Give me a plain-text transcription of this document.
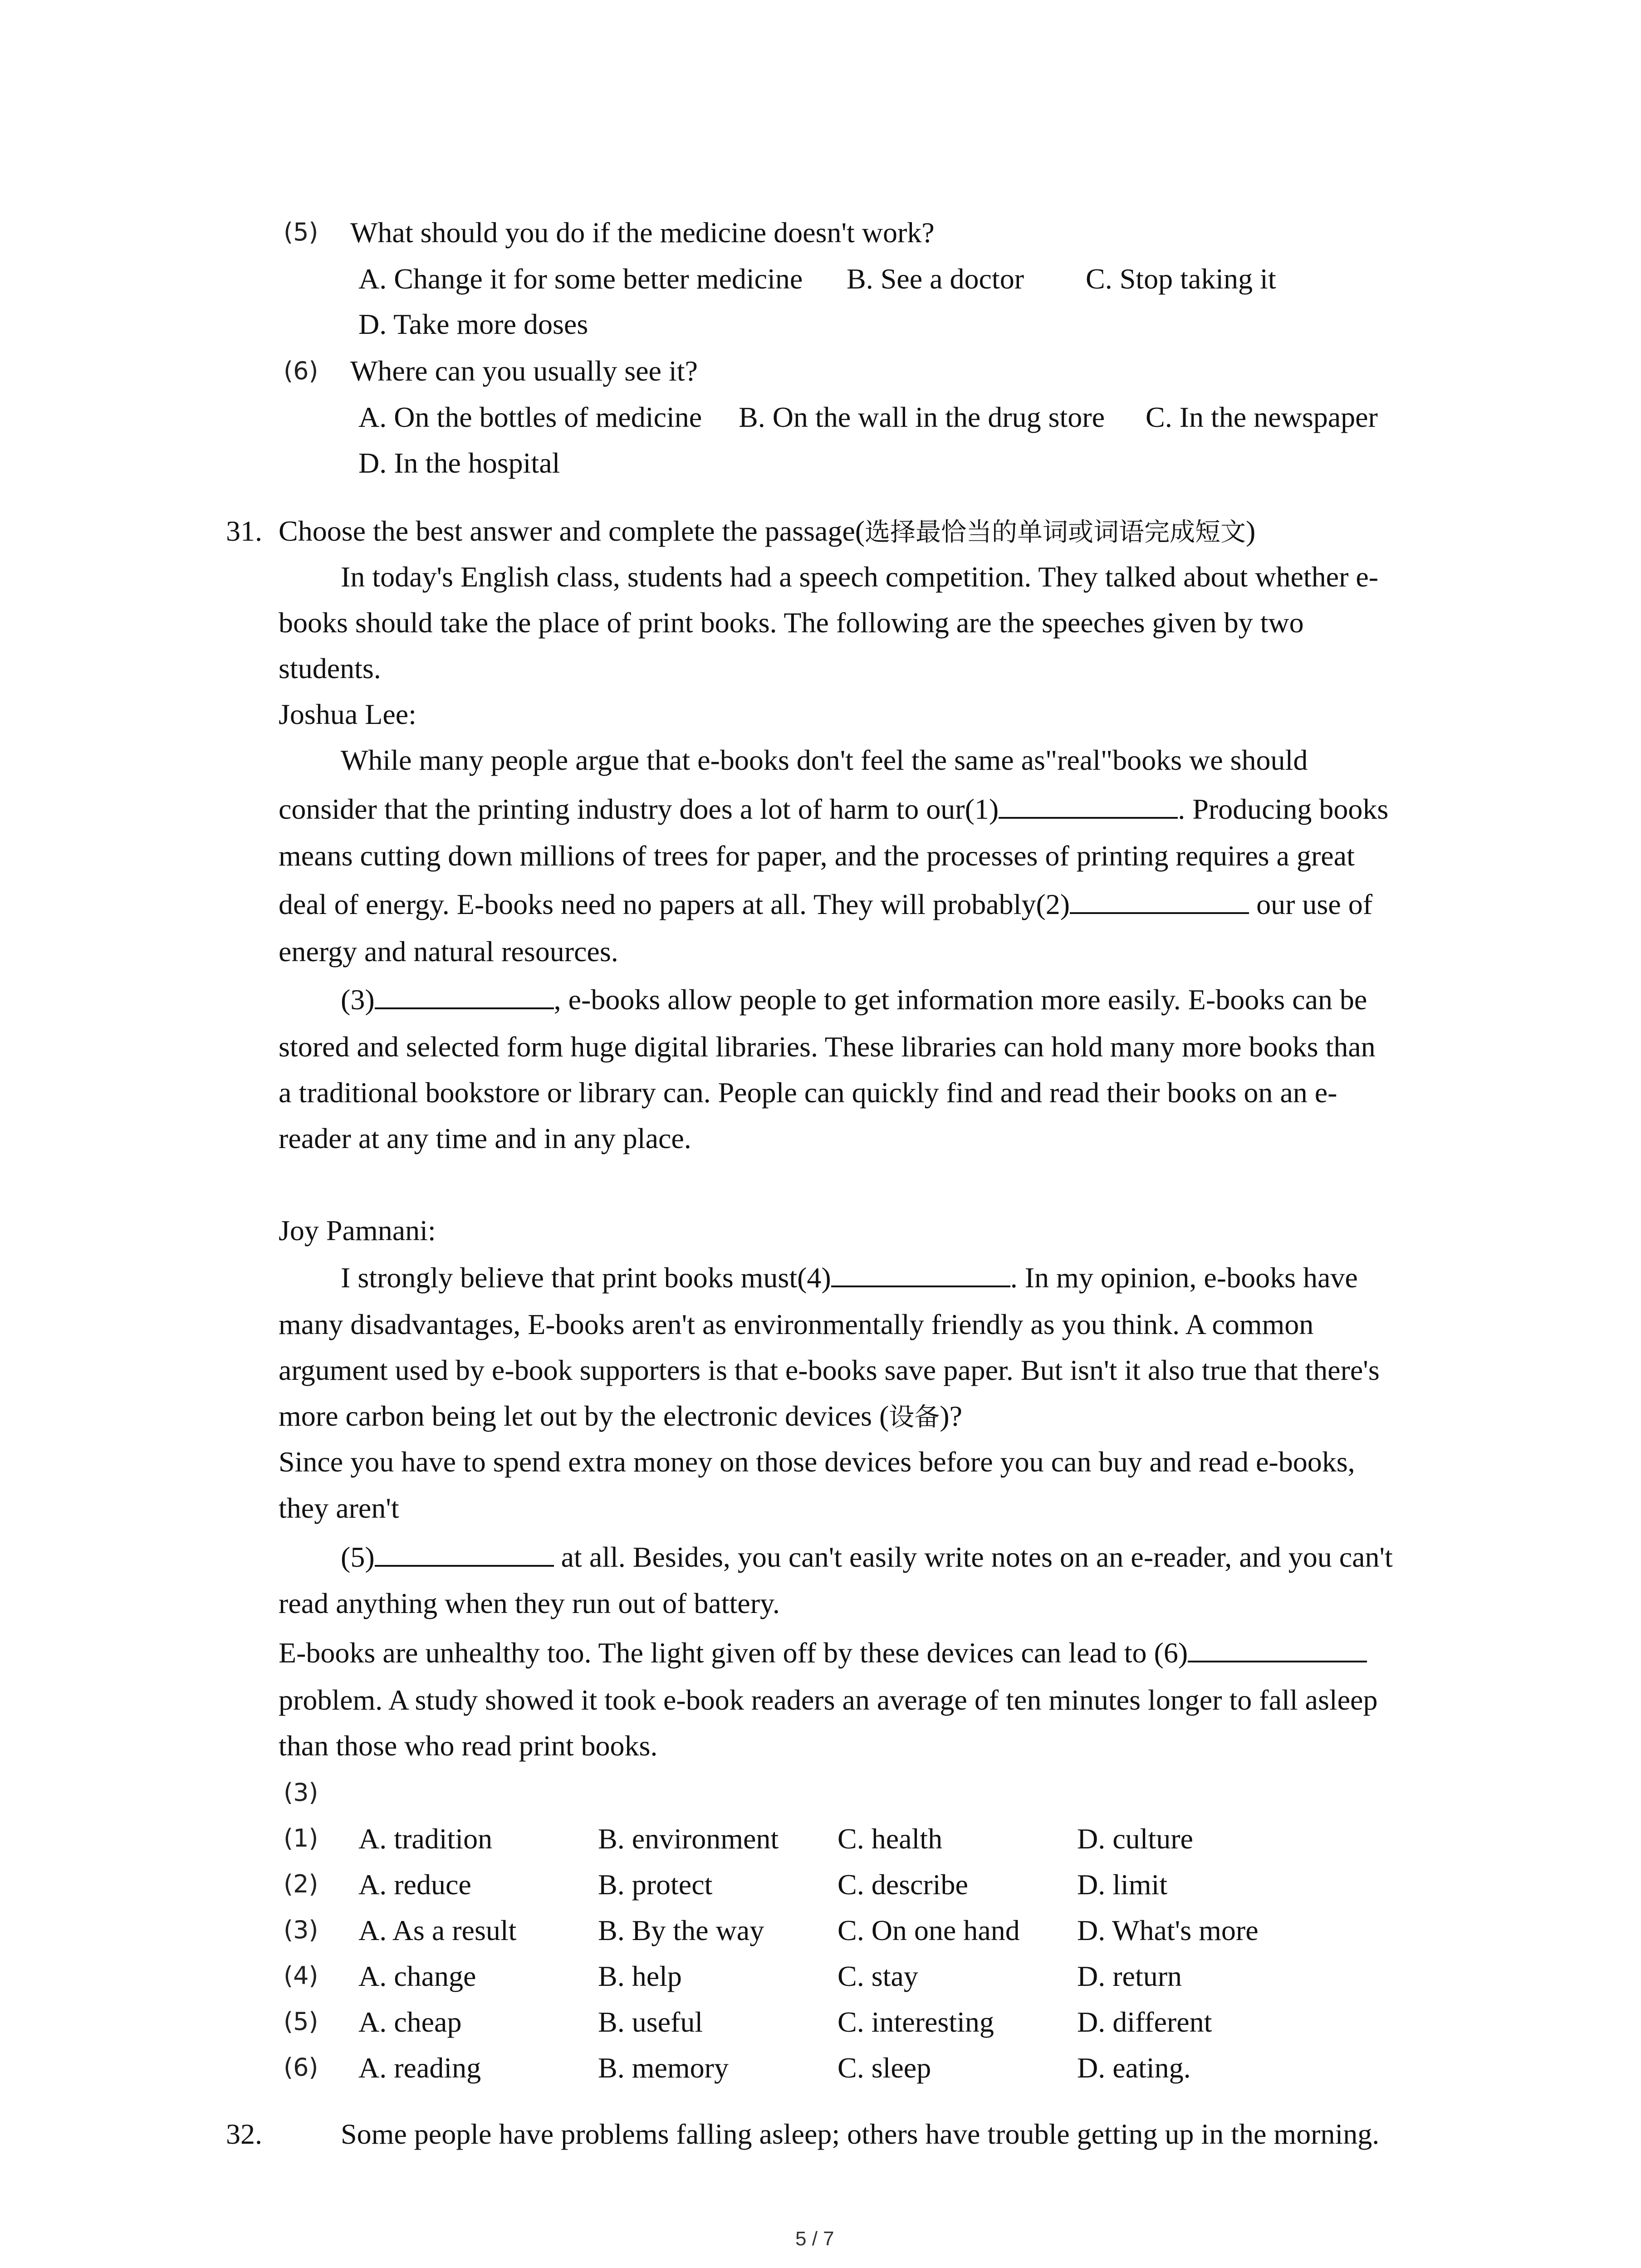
(5) What should you do if the medicine doesn't work?
A. Change it for some better medicine B. See a doctor C. Stop taking it
D. Take more doses
(6) Where can you usually see it?
A. On the bottles of medicine B. On the wall in the drug store C. In the newspaper
D. In the hospital
31. Choose the best answer and complete the passage(选择最恰当的单词或词语完成短文)
In today's English class, students had a speech competition. They talked about whether e-
books should take the place of print books. The following are the speeches given by two
students.
Joshua Lee:
While many people argue that e-books don't feel the same as"real"books we should
consider that the printing industry does a lot of harm to our(1)	. Producing books
means cutting down millions of trees for paper, and the processes of printing requires a great
deal of energy. E-books need no papers at all. They will probably(2)	our use of
energy and natural resources.
(3)	, e-books allow people to get information more easily. E-books can be
stored and selected form huge digital libraries. These libraries can hold many more books than
a traditional bookstore or library can. People can quickly find and read their books on an e-
reader at any time and in any place.
Joy Pamnani:
I strongly believe that print books must(4)	. In my opinion, e-books have
many disadvantages, E-books aren't as environmentally friendly as you think. A common
argument used by e-book supporters is that e-books save paper. But isn't it also true that there's
more carbon being let out by the electronic devices (设备)?
Since you have to spend extra money on those devices before you can buy and read e-books,
they aren't
(5)	at all. Besides, you can't easily write notes on an e-reader, and you can't
read anything when they run out of battery.
E-books are unhealthy too. The light given off by these devices can lead to (6)
problem. A study showed it took e-book readers an average of ten minutes longer to fall asleep
than those who read print books.
(3)
(1) A. tradition	B. environment C. health	D. culture
(2) A. reduce	B. protect	C. describe	D. limit
(3) A. As a result	B. By the way	C. On one hand D. What's more
(4) A. change	B. help	C. stay	D. return
(5) A. cheap	B. useful	C. interesting	D. different
(6) A. reading	B. memory	C. sleep	D. eating.
32.	Some people have problems falling asleep; others have trouble getting up in the morning.
5 / 7
